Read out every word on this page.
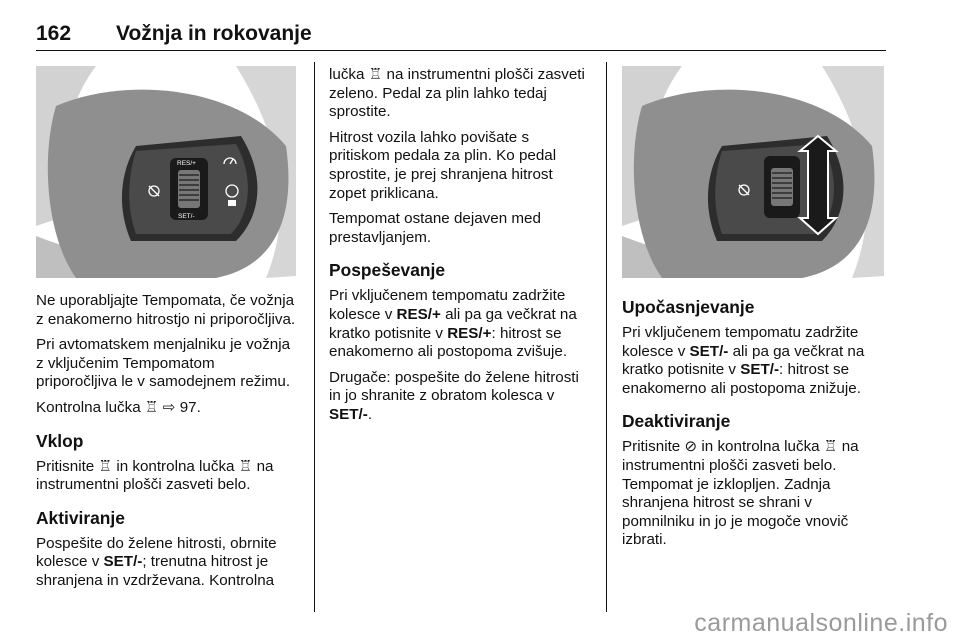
162 Vožnja in rokovanje
RES/+
SET/-

Ne uporabljajte Tempomata, če vožnja z enakomerno hitrostjo ni priporočljiva.

Pri avtomatskem menjalniku je vožnja z vključenim Tempomatom priporočljiva le v samodejnem režimu.

Kontrolna lučka ♖ ⇨ 97.

Vklop

Pritisnite ♖ in kontrolna lučka ♖ na instrumentni plošči zasveti belo.

Aktiviranje

Pospešite do želene hitrosti, obrnite kolesce v SET/-; trenutna hitrost je shranjena in vzdrževana. Kontrolna

lučka ♖ na instrumentni plošči zasveti zeleno. Pedal za plin lahko tedaj sprostite.

Hitrost vozila lahko povišate s pritiskom pedala za plin. Ko pedal sprostite, je prej shranjena hitrost zopet priklicana.

Tempomat ostane dejaven med prestavljanjem.

Pospeševanje

Pri vključenem tempomatu zadržite kolesce v RES/+ ali pa ga večkrat na kratko potisnite v RES/+: hitrost se enakomerno ali postopoma zvišuje.

Drugače: pospešite do želene hitrosti in jo shranite z obratom kolesca v SET/-.

Upočasnjevanje

Pri vključenem tempomatu zadržite kolesce v SET/- ali pa ga večkrat na kratko potisnite v SET/-: hitrost se enakomerno ali postopoma znižuje.

Deaktiviranje

Pritisnite ⊘ in kontrolna lučka ♖ na instrumentni plošči zasveti belo. Tempomat je izklopljen. Zadnja shranjena hitrost se shrani v pomnilniku in jo je mogoče vnovič izbrati.

carmanualsonline.info
